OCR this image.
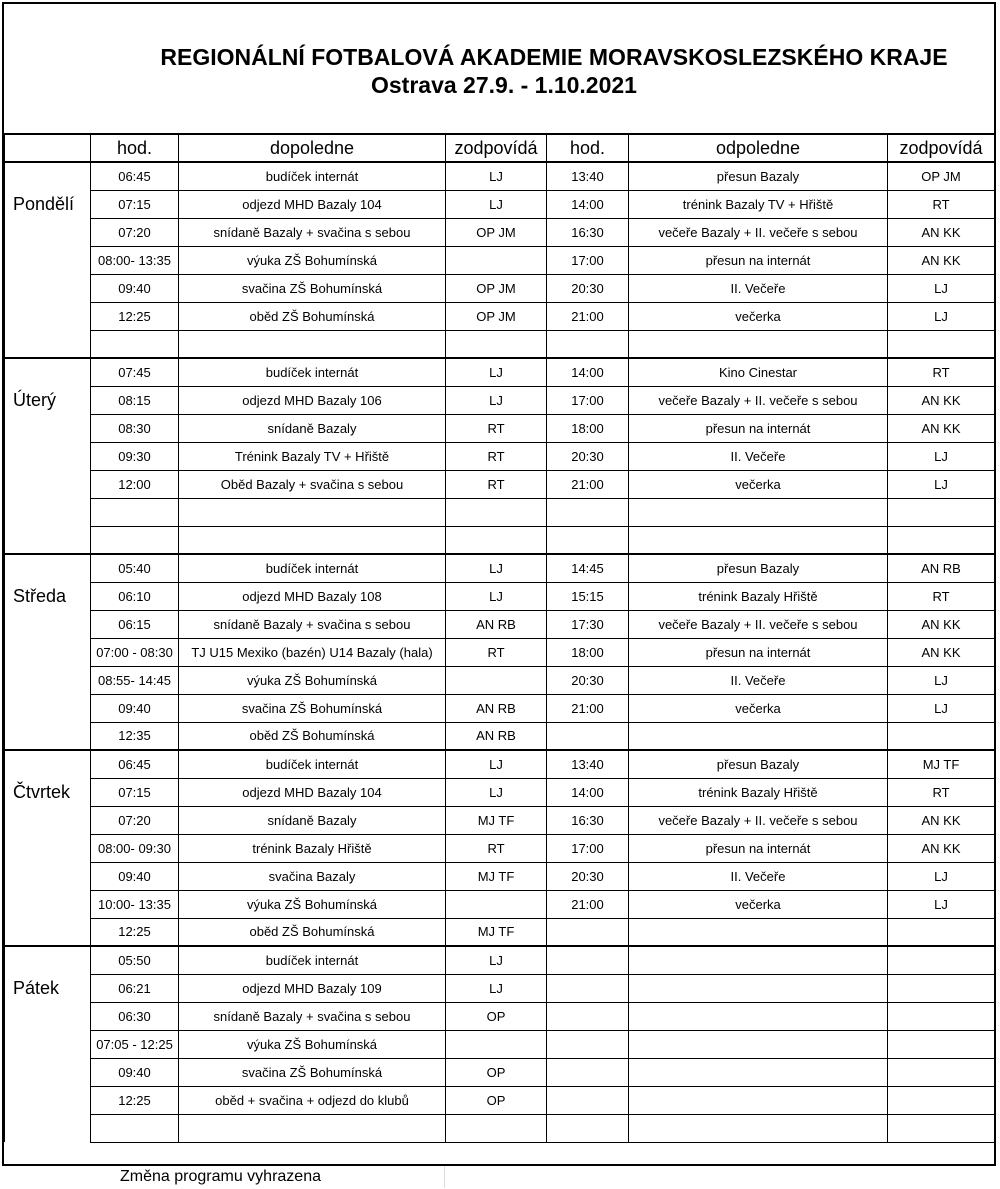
REGIONÁLNÍ FOTBALOVÁ AKADEMIE MORAVSKOSLEZSKÉHO KRAJE
Ostrava 27.9. - 1.10.2021
	hod.	dopoledne	zodpovídá	hod.	odpoledne	zodpovídá
	06:45	budíček internát	LJ	13:40	přesun Bazaly	OP JM
Pondělí	07:15	odjezd MHD Bazaly 104	LJ	14:00	trénink Bazaly TV + Hřiště	RT
	07:20	snídaně Bazaly + svačina s sebou	OP JM	16:30	večeře Bazaly + II. večeře s sebou	AN KK
	08:00- 13:35	výuka ZŠ Bohumínská		17:00	přesun na internát	AN KK
	09:40	svačina ZŠ Bohumínská	OP JM	20:30	II. Večeře	LJ
	12:25	oběd ZŠ Bohumínská	OP JM	21:00	večerka	LJ

	07:45	budíček internát	LJ	14:00	Kino Cinestar	RT
Úterý	08:15	odjezd MHD Bazaly 106	LJ	17:00	večeře Bazaly + II. večeře s sebou	AN KK
	08:30	snídaně Bazaly	RT	18:00	přesun na internát	AN KK
	09:30	Trénink Bazaly TV + Hřiště	RT	20:30	II. Večeře	LJ
	12:00	Oběd Bazaly + svačina s sebou	RT	21:00	večerka	LJ

	05:40	budíček internát	LJ	14:45	přesun Bazaly	AN RB
Středa	06:10	odjezd MHD Bazaly 108	LJ	15:15	trénink Bazaly Hřiště	RT
	06:15	snídaně Bazaly + svačina s sebou	AN RB	17:30	večeře Bazaly + II. večeře s sebou	AN KK
	07:00 - 08:30	TJ U15 Mexiko (bazén) U14 Bazaly (hala)	RT	18:00	přesun na internát	AN KK
	08:55- 14:45	výuka ZŠ Bohumínská		20:30	II. Večeře	LJ
	09:40	svačina ZŠ Bohumínská	AN RB	21:00	večerka	LJ
	12:35	oběd ZŠ Bohumínská	AN RB			
	06:45	budíček internát	LJ	13:40	přesun Bazaly	MJ TF
Čtvrtek	07:15	odjezd MHD Bazaly 104	LJ	14:00	trénink Bazaly Hřiště	RT
	07:20	snídaně Bazaly	MJ TF	16:30	večeře Bazaly + II. večeře s sebou	AN KK
	08:00- 09:30	trénink Bazaly Hřiště	RT	17:00	přesun na internát	AN KK
	09:40	svačina Bazaly	MJ TF	20:30	II. Večeře	LJ
	10:00- 13:35	výuka ZŠ Bohumínská		21:00	večerka	LJ
	12:25	oběd ZŠ Bohumínská	MJ TF			
	05:50	budíček internát	LJ			
Pátek	06:21	odjezd MHD Bazaly 109	LJ			
	06:30	snídaně Bazaly + svačina s sebou	OP			
	07:05 - 12:25	výuka ZŠ Bohumínská				
	09:40	svačina ZŠ Bohumínská	OP			
	12:25	oběd + svačina + odjezd do klubů	OP			

Změna programu vyhrazena
